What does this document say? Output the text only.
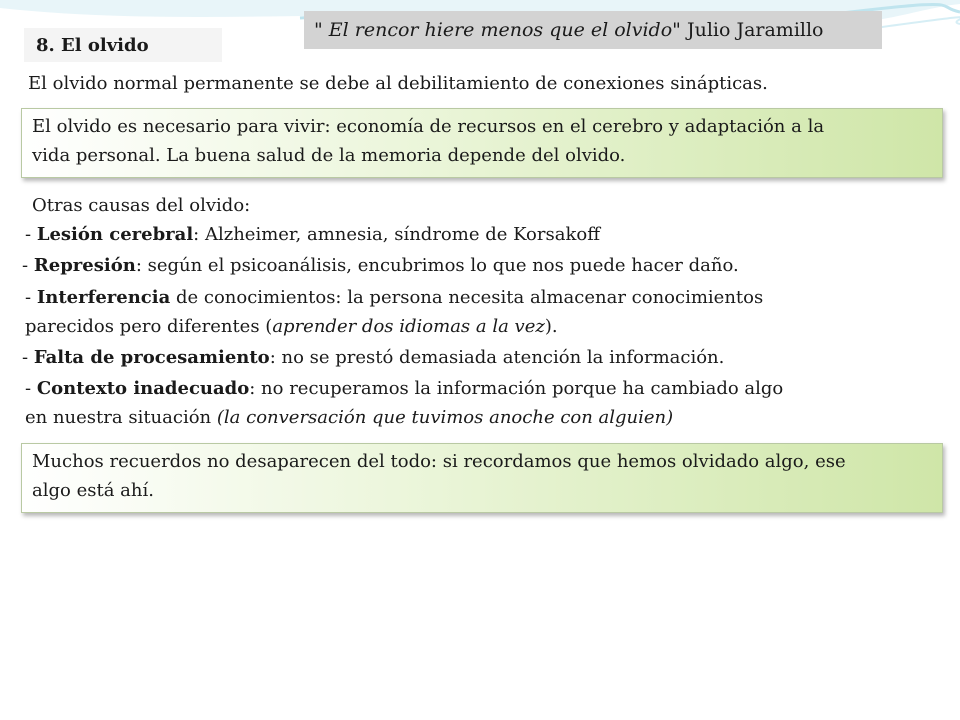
" El rencor hiere menos que el olvido" Julio Jaramillo
8. El olvido
El olvido normal permanente se debe al debilitamiento de conexiones sinápticas.
El olvido es necesario para vivir: economía de recursos en el cerebro y adaptación a la
vida personal. La buena salud de la memoria depende del olvido.
Otras causas del olvido:
- Lesión cerebral: Alzheimer, amnesia, síndrome de Korsakoff
- Represión: según el psicoanálisis, encubrimos lo que nos puede hacer daño.
- Interferencia de conocimientos: la persona necesita almacenar conocimientos
parecidos pero diferentes (aprender dos idiomas a la vez).
- Falta de procesamiento: no se prestó demasiada atención la información.
- Contexto inadecuado: no recuperamos la información porque ha cambiado algo
en nuestra situación (la conversación que tuvimos anoche con alguien)
Muchos recuerdos no desaparecen del todo: si recordamos que hemos olvidado algo, ese
algo está ahí.
